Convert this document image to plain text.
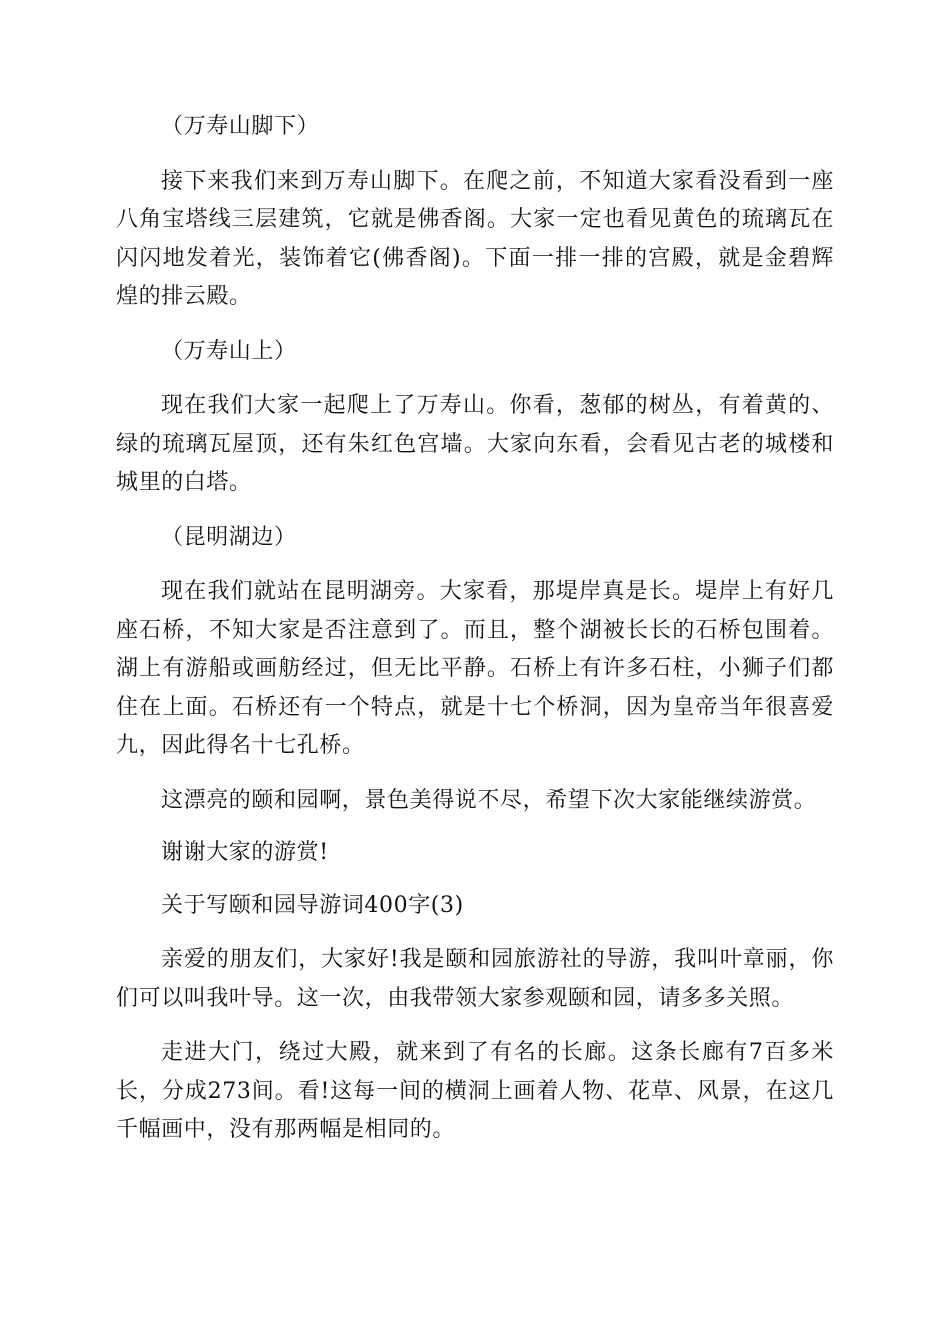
（万寿山脚下）

接下来我们来到万寿山脚下。在爬之前，不知道大家看没看到一座八角宝塔线三层建筑，它就是佛香阁。大家一定也看见黄色的琉璃瓦在闪闪地发着光，装饰着它(佛香阁)。下面一排一排的宫殿，就是金碧辉煌的排云殿。

（万寿山上）

现在我们大家一起爬上了万寿山。你看，葱郁的树丛，有着黄的、绿的琉璃瓦屋顶，还有朱红色宫墙。大家向东看，会看见古老的城楼和城里的白塔。

（昆明湖边）

现在我们就站在昆明湖旁。大家看，那堤岸真是长。堤岸上有好几座石桥，不知大家是否注意到了。而且，整个湖被长长的石桥包围着。湖上有游船或画舫经过，但无比平静。石桥上有许多石柱，小狮子们都住在上面。石桥还有一个特点，就是十七个桥洞，因为皇帝当年很喜爱九，因此得名十七孔桥。

这漂亮的颐和园啊，景色美得说不尽，希望下次大家能继续游赏。

谢谢大家的游赏!

关于写颐和园导游词400字(3)

亲爱的朋友们，大家好!我是颐和园旅游社的导游，我叫叶章丽，你们可以叫我叶导。这一次，由我带领大家参观颐和园，请多多关照。

走进大门，绕过大殿，就来到了有名的长廊。这条长廊有7百多米长，分成273间。看!这每一间的横洞上画着人物、花草、风景，在这几千幅画中，没有那两幅是相同的。
